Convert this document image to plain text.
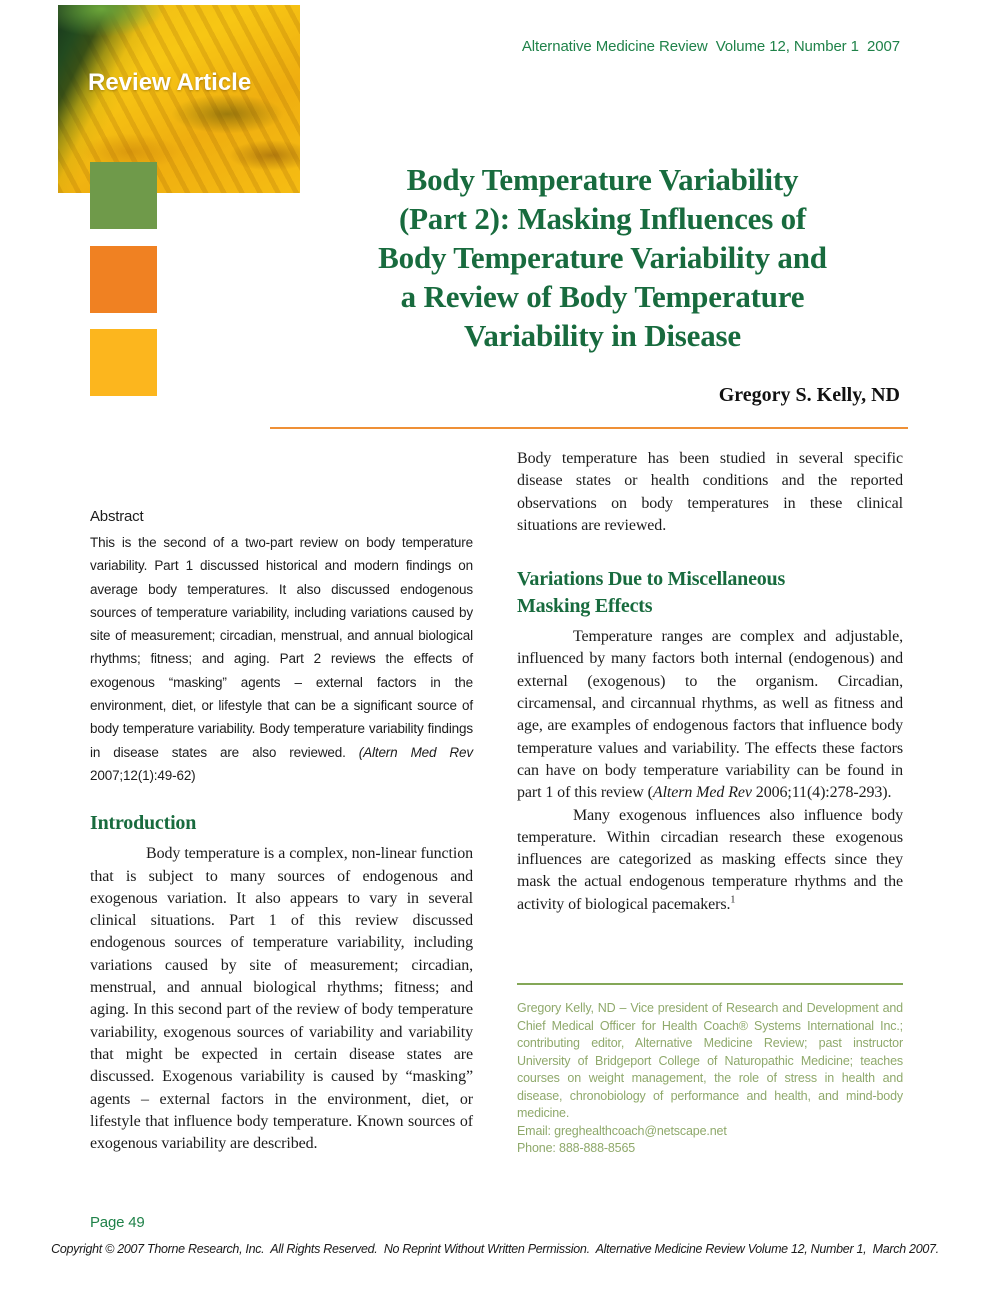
Alternative Medicine Review  Volume 12, Number 1  2007
Review Article
Body Temperature Variability
(Part 2): Masking Influences of
Body Temperature Variability and
a Review of Body Temperature
Variability in Disease
Gregory S. Kelly, ND
Abstract

This is the second of a two-part review on body temperature variability. Part 1 discussed historical and modern findings on average body temperatures. It also discussed endogenous sources of temperature variability, including variations caused by site of measurement; circadian, menstrual, and annual biological rhythms; fitness; and aging. Part 2 reviews the effects of exogenous “masking” agents – external factors in the environment, diet, or lifestyle that can be a significant source of body temperature variability. Body temperature variability findings in disease states are also reviewed. (Altern Med Rev 2007;12(1):49-62)

Introduction

Body temperature is a complex, non-linear function that is subject to many sources of endogenous and exogenous variation. It also appears to vary in several clinical situations. Part 1 of this review discussed endogenous sources of temperature variability, including variations caused by site of measurement; circadian, menstrual, and annual biological rhythms; fitness; and aging. In this second part of the review of body temperature variability, exogenous sources of variability and variability that might be expected in certain disease states are discussed. Exogenous variability is caused by “masking” agents – external factors in the environment, diet, or lifestyle that influence body temperature. Known sources of exogenous variability are described.

Body temperature has been studied in several specific disease states or health conditions and the reported observations on body temperatures in these clinical situations are reviewed.

Variations Due to Miscellaneous
Masking Effects

Temperature ranges are complex and adjustable, influenced by many factors both internal (endogenous) and external (exogenous) to the organism. Circadian, circamensal, and circannual rhythms, as well as fitness and age, are examples of endogenous factors that influence body temperature values and variability. The effects these factors can have on body temperature variability can be found in part 1 of this review (Altern Med Rev 2006;11(4):278-293).

Many exogenous influences also influence body temperature. Within circadian research these exogenous influences are categorized as masking effects since they mask the actual endogenous temperature rhythms and the activity of biological pacemakers.$^1$

Gregory Kelly, ND – Vice president of Research and Development and Chief Medical Officer for Health Coach® Systems International Inc.; contributing editor, Alternative Medicine Review; past instructor University of Bridgeport College of Naturopathic Medicine; teaches courses on weight management, the role of stress in health and disease, chronobiology of performance and health, and mind-body medicine.

Email: greghealthcoach@netscape.net
Phone: 888-888-8565
Page 49
Copyright © 2007 Thorne Research, Inc.  All Rights Reserved.  No Reprint Without Written Permission.  Alternative Medicine Review Volume 12, Number 1,  March 2007.
